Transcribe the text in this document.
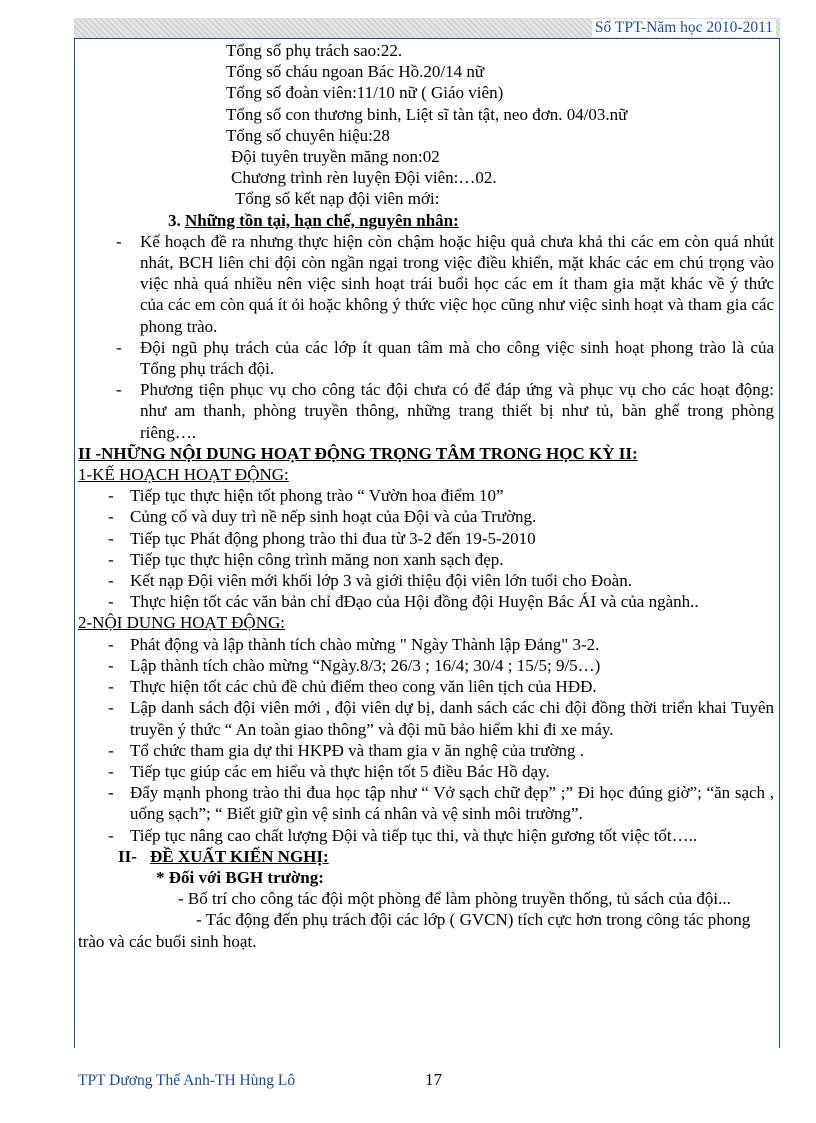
Sổ TPT-Năm học 2010-2011
Tổng số phụ trách sao:22.
Tổng số cháu ngoan Bác Hồ.20/14 nữ
Tổng số đoàn viên:11/10 nữ ( Giáo viên)
Tổng số con thương binh, Liệt sĩ tàn tật, neo đơn. 04/03.nữ
Tổng số chuyên hiệu:28
Đội tuyên truyền măng non:02
Chương trình rèn luyện Đội viên:…02.
Tổng số kết nạp đội viên mới:
3. Những tồn tại, hạn chế, nguyên nhân:
- Kế hoạch đề ra nhưng thực hiện còn chậm hoặc hiệu quả chưa khả thi các em còn quá nhút nhát, BCH liên chi đội còn ngần ngại trong việc điều khiển, mặt khác các em chú trọng vào việc nhà quá nhiều nên việc sinh hoạt trái buổi học các em ít tham gia mặt khác về ý thức của các em còn quá ít ỏi hoặc không ý thức việc học cũng như việc sinh hoạt và tham gia các phong trào.
- Đội ngũ phụ trách của các lớp ít quan tâm mà cho công việc sinh hoạt phong trào là của Tổng phụ trách đội.
- Phương tiện phục vụ cho công tác đội chưa có để đáp ứng và phục vụ cho các hoạt động: như am thanh, phòng truyền thông, những trang thiết bị như tủ, bàn ghế trong phòng riêng….
II -NHỮNG NỘI DUNG HOẠT ĐỘNG TRỌNG TÂM TRONG HỌC KỲ II:
1-KẾ HOẠCH HOẠT ĐỘNG:
- Tiếp tục thực hiện tốt phong trào “ Vườn hoa điểm 10”
- Củng cố và duy trì nề nếp sinh hoạt của Đội và của Trường.
- Tiếp tục Phát động phong trào thi đua từ 3-2 đến 19-5-2010
- Tiếp tục thực hiện công trình măng non xanh sạch đẹp.
- Kết nạp Đội viên mới khối lớp 3 và giới thiệu đội viên lớn tuổi cho Đoàn.
- Thực hiện tốt các văn bản chỉ đĐạo của Hội đồng đội Huyện Bác ÁI và của ngành..
2-NỘI DUNG HOẠT ĐỘNG:
- Phát động và lập thành tích chào mừng " Ngày Thành lập Đảng" 3-2.
- Lập thành tích chào mừng “Ngày.8/3; 26/3 ; 16/4; 30/4 ; 15/5; 9/5…)
- Thực hiện tốt các chủ đề chủ điểm theo cong văn liên tịch của HĐĐ.
- Lập danh sách đội viên mới , đội viên dự bị, danh sách các chi đội đồng thời triển khai Tuyên truyền ý thức “ An toàn giao thông” và đội mũ bảo hiểm khi đi xe máy.
- Tổ chức tham gia dự thi HKPĐ và tham gia v ăn nghệ của trường .
- Tiếp tục giúp các em hiểu và thực hiện tốt 5 điều Bác Hồ dạy.
- Đẩy mạnh phong trào thi đua học tập như “ Vở sạch chữ đẹp” ;” Đi học đúng giờ”; “ăn sạch , uống sạch”; “ Biết giữ gìn vệ sinh cá nhân và vệ sinh môi trường”.
- Tiếp tục nâng cao chất lượng Đội và tiếp tục thi, và thực hiện gương tốt việc tốt…..
II- ĐỀ XUẤT KIẾN NGHỊ:
* Đối với BGH trường:
- Bố trí cho công tác đội một phòng để làm phòng truyền thống, tủ sách của đội...
- Tác động đến phụ trách đội các lớp ( GVCN) tích cực hơn trong công tác phong trào và các buổi sinh hoạt.
TPT Dương Thế Anh-TH Hùng Lô	17
